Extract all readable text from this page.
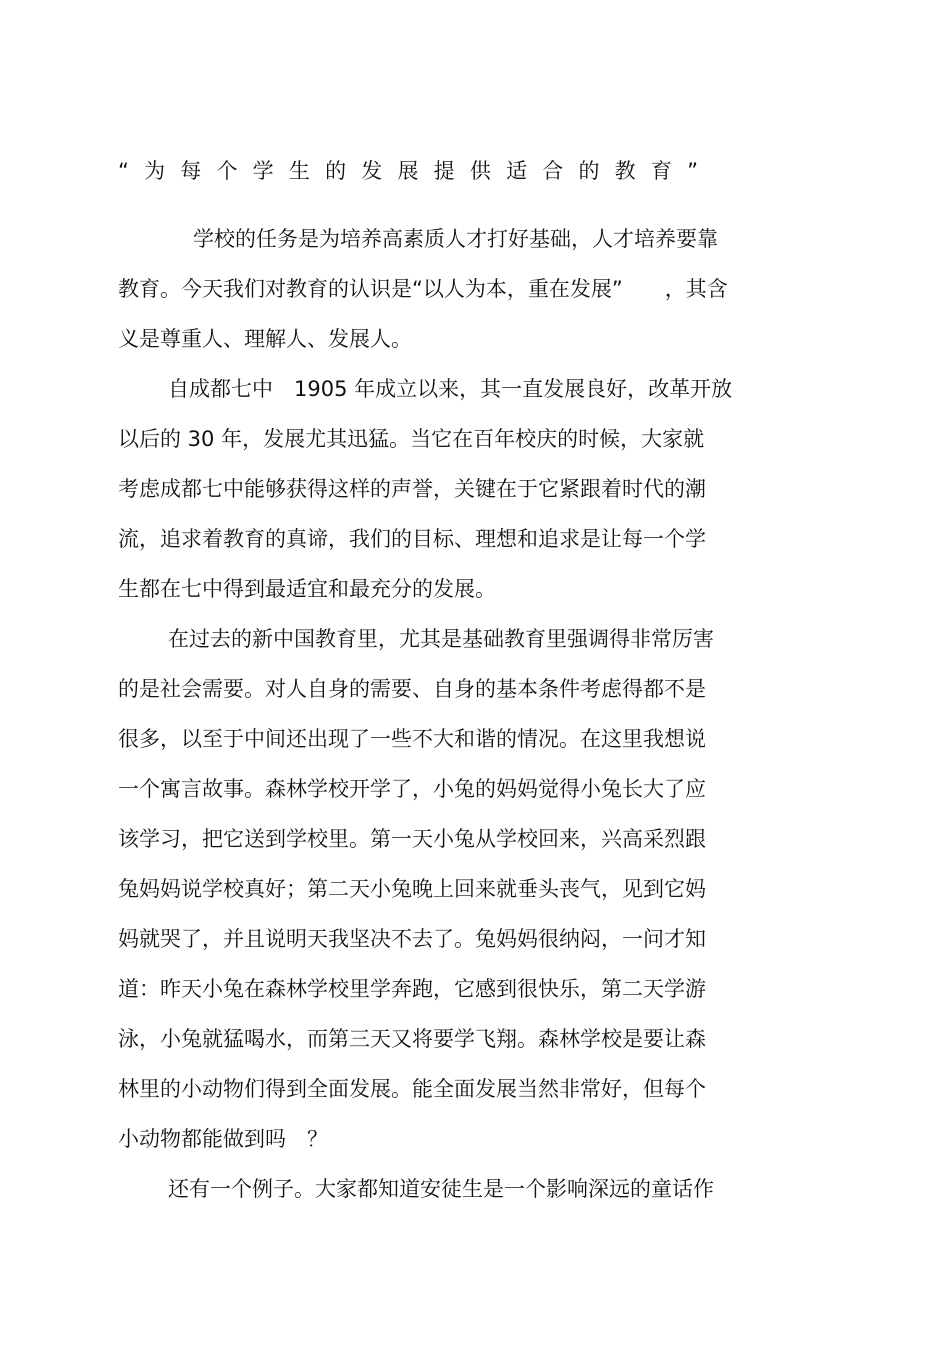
“为每个学生的发展提供适合的教育”
学校的任务是为培养高素质人才打好基础，人才培养要靠
教育。今天我们对教育的认识是“以人为本，重在发展”　　，其含
义是尊重人、理解人、发展人。
自成都七中　1905 年成立以来，其一直发展良好，改革开放
以后的 30 年，发展尤其迅猛。当它在百年校庆的时候，大家就
考虑成都七中能够获得这样的声誉，关键在于它紧跟着时代的潮
流，追求着教育的真谛，我们的目标、理想和追求是让每一个学
生都在七中得到最适宜和最充分的发展。
在过去的新中国教育里，尤其是基础教育里强调得非常厉害
的是社会需要。对人自身的需要、自身的基本条件考虑得都不是
很多，以至于中间还出现了一些不大和谐的情况。在这里我想说
一个寓言故事。森林学校开学了，小兔的妈妈觉得小兔长大了应
该学习，把它送到学校里。第一天小兔从学校回来，兴高采烈跟
兔妈妈说学校真好；第二天小兔晚上回来就垂头丧气，见到它妈
妈就哭了，并且说明天我坚决不去了。兔妈妈很纳闷，一问才知
道：昨天小兔在森林学校里学奔跑，它感到很快乐，第二天学游
泳，小兔就猛喝水，而第三天又将要学飞翔。森林学校是要让森
林里的小动物们得到全面发展。能全面发展当然非常好，但每个
小动物都能做到吗　？
还有一个例子。大家都知道安徒生是一个影响深远的童话作
